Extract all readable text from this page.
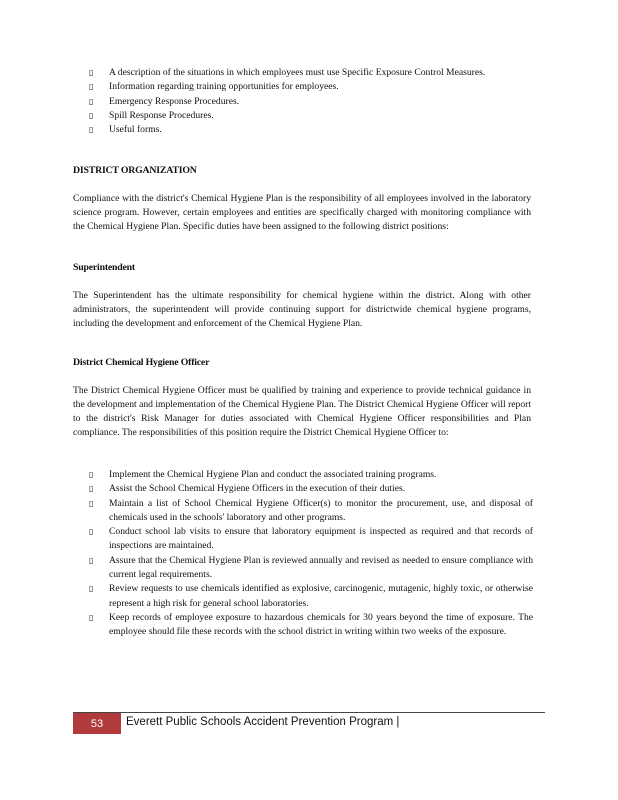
▯ A description of the situations in which employees must use Specific Exposure Control Measures.
▯ Information regarding training opportunities for employees.
▯ Emergency Response Procedures.
▯ Spill Response Procedures.
▯ Useful forms.
DISTRICT ORGANIZATION
Compliance with the district's Chemical Hygiene Plan is the responsibility of all employees involved in the laboratory science program. However, certain employees and entities are specifically charged with monitoring compliance with the Chemical Hygiene Plan. Specific duties have been assigned to the following district positions:
Superintendent
The Superintendent has the ultimate responsibility for chemical hygiene within the district. Along with other administrators, the superintendent will provide continuing support for districtwide chemical hygiene programs, including the development and enforcement of the Chemical Hygiene Plan.
District Chemical Hygiene Officer
The District Chemical Hygiene Officer must be qualified by training and experience to provide technical guidance in the development and implementation of the Chemical Hygiene Plan. The District Chemical Hygiene Officer will report to the district's Risk Manager for duties associated with Chemical Hygiene Officer responsibilities and Plan compliance. The responsibilities of this position require the District Chemical Hygiene Officer to:
▯ Implement the Chemical Hygiene Plan and conduct the associated training programs.
▯ Assist the School Chemical Hygiene Officers in the execution of their duties.
▯ Maintain a list of School Chemical Hygiene Officer(s) to monitor the procurement, use, and disposal of chemicals used in the schools' laboratory and other programs.
▯ Conduct school lab visits to ensure that laboratory equipment is inspected as required and that records of inspections are maintained.
▯ Assure that the Chemical Hygiene Plan is reviewed annually and revised as needed to ensure compliance with current legal requirements.
▯ Review requests to use chemicals identified as explosive, carcinogenic, mutagenic, highly toxic, or otherwise represent a high risk for general school laboratories.
▯ Keep records of employee exposure to hazardous chemicals for 30 years beyond the time of exposure. The employee should file these records with the school district in writing within two weeks of the exposure.
53	Everett Public Schools Accident Prevention Program |
